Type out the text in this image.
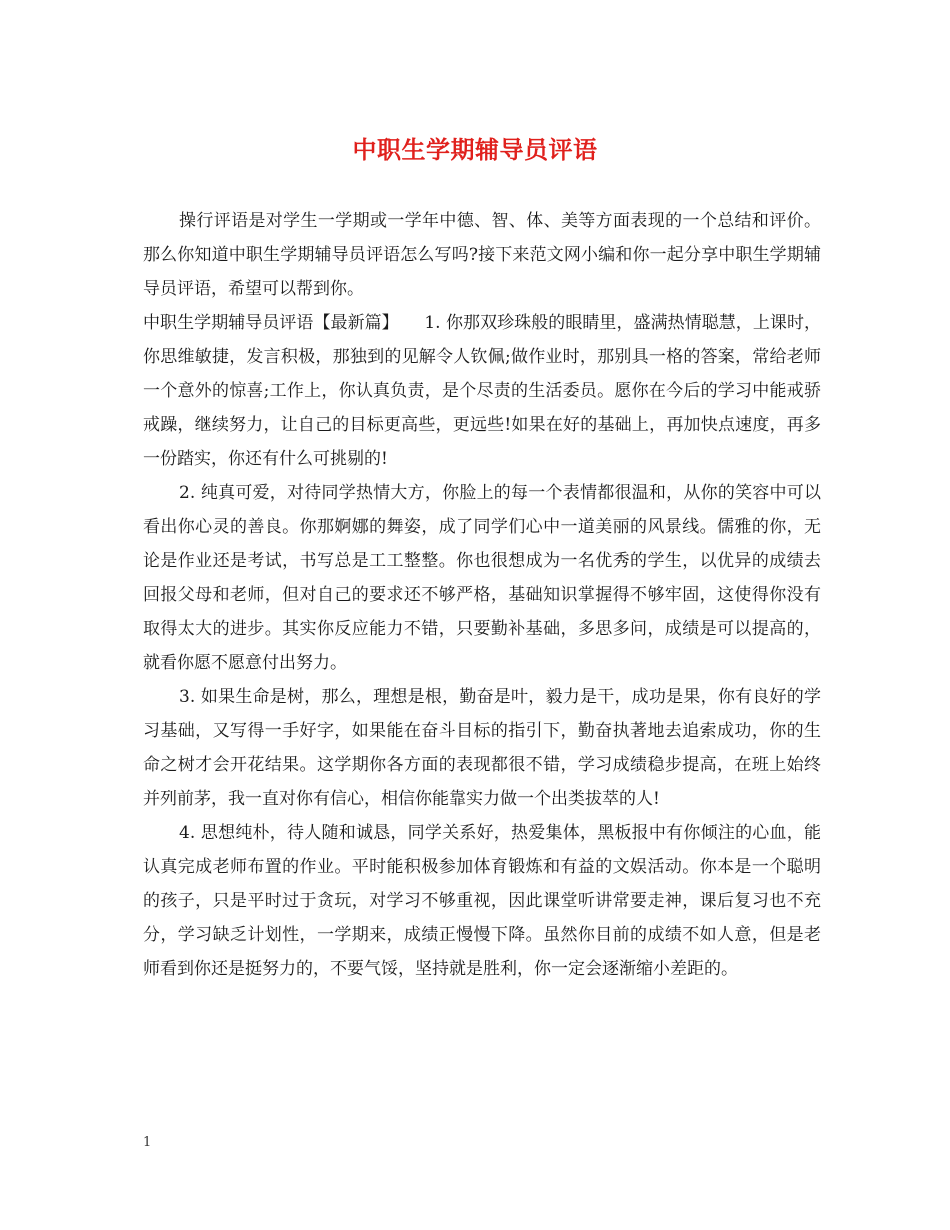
中职生学期辅导员评语

操行评语是对学生一学期或一学年中德、智、体、美等方面表现的一个总结和评价。那么你知道中职生学期辅导员评语怎么写吗?接下来范文网小编和你一起分享中职生学期辅导员评语，希望可以帮到你。

中职生学期辅导员评语【最新篇】　　1. 你那双珍珠般的眼睛里，盛满热情聪慧，上课时，你思维敏捷，发言积极，那独到的见解令人钦佩;做作业时，那别具一格的答案，常给老师一个意外的惊喜;工作上，你认真负责，是个尽责的生活委员。愿你在今后的学习中能戒骄戒躁，继续努力，让自己的目标更高些，更远些!如果在好的基础上，再加快点速度，再多一份踏实，你还有什么可挑剔的!

2. 纯真可爱，对待同学热情大方，你脸上的每一个表情都很温和，从你的笑容中可以看出你心灵的善良。你那婀娜的舞姿，成了同学们心中一道美丽的风景线。儒雅的你，无论是作业还是考试，书写总是工工整整。你也很想成为一名优秀的学生，以优异的成绩去回报父母和老师，但对自己的要求还不够严格，基础知识掌握得不够牢固，这使得你没有取得太大的进步。其实你反应能力不错，只要勤补基础，多思多问，成绩是可以提高的，就看你愿不愿意付出努力。

3. 如果生命是树，那么，理想是根，勤奋是叶，毅力是干，成功是果，你有良好的学习基础，又写得一手好字，如果能在奋斗目标的指引下，勤奋执著地去追索成功，你的生命之树才会开花结果。这学期你各方面的表现都很不错，学习成绩稳步提高，在班上始终并列前茅，我一直对你有信心，相信你能靠实力做一个出类拔萃的人!

4. 思想纯朴，待人随和诚恳，同学关系好，热爱集体，黑板报中有你倾注的心血，能认真完成老师布置的作业。平时能积极参加体育锻炼和有益的文娱活动。你本是一个聪明的孩子，只是平时过于贪玩，对学习不够重视，因此课堂听讲常要走神，课后复习也不充分，学习缺乏计划性，一学期来，成绩正慢慢下降。虽然你目前的成绩不如人意，但是老师看到你还是挺努力的，不要气馁，坚持就是胜利，你一定会逐渐缩小差距的。

1
